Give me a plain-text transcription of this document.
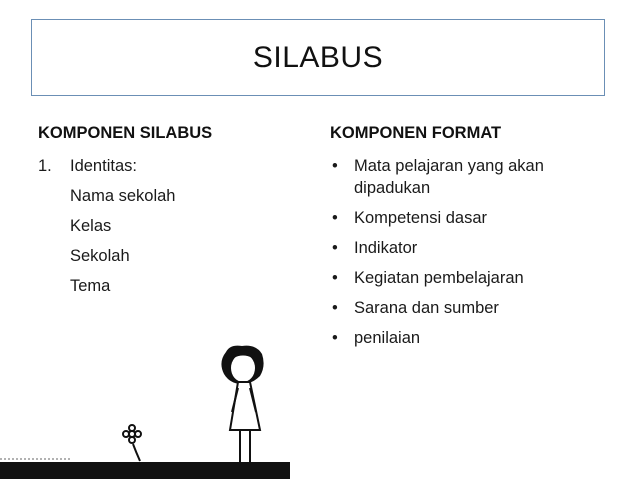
SILABUS
KOMPONEN SILABUS
1.	Identitas:
Nama sekolah
Kelas
Sekolah
Tema
KOMPONEN FORMAT
• Mata pelajaran yang akan dipadukan
• Kompetensi dasar
• Indikator
• Kegiatan pembelajaran
• Sarana dan sumber
• penilaian
